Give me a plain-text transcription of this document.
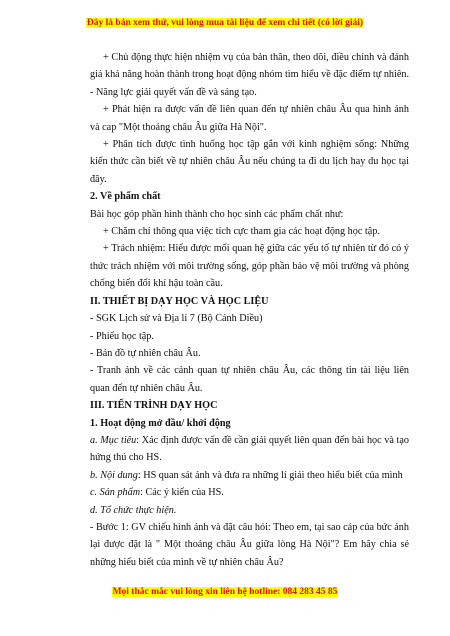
Đây là bản xem thử, vui lòng mua tài liệu để xem chi tiết (có lời giải)

+ Chủ động thực hiện nhiệm vụ của bản thân, theo dõi, điều chỉnh và đánh giá khả năng hoàn thành trong hoạt động nhóm tìm hiểu về đặc điểm tự nhiên.

- Năng lực giải quyết vấn đề và sáng tạo.

+ Phát hiện ra được vấn đề liên quan đến tự nhiên châu Âu qua hình ảnh và cap "Một thoáng châu Âu giữa Hà Nội".

+ Phân tích được tình huống học tập gắn với kinh nghiệm sống: Những kiến thức cần biết về tự nhiên châu Âu nếu chúng ta đi du lịch hay du học tại đây.

2. Về phẩm chất

Bài học góp phần hình thành cho học sinh các phẩm chất như:

+ Chăm chỉ thông qua việc tích cực tham gia các hoạt động học tập.

+ Trách nhiệm: Hiểu được mối quan hệ giữa các yếu tố tự nhiên từ đó có ý thức trách nhiệm với môi trường sống, góp phần bảo vệ môi trường và phòng chống biến đổi khí hậu toàn cầu.

II. THIẾT BỊ DẠY HỌC VÀ HỌC LIỆU

- SGK Lịch sử và Địa lí 7 (Bộ Cánh Diều)

- Phiếu học tập.

- Bản đồ tự nhiên châu Âu.

- Tranh ảnh về các cảnh quan tự nhiên châu Âu, các thông tin tài liệu liên quan đến tự nhiên châu Âu.

III. TIẾN TRÌNH DẠY HỌC

1. Hoạt động mở đầu/ khởi động

a. Mục tiêu: Xác định được vấn đề cần giải quyết liên quan đến bài học và tạo hứng thú cho HS.

b. Nội dung: HS quan sát ảnh và đưa ra những lí giải theo hiểu biết của mình

c. Sản phẩm: Các ý kiến của HS.

d. Tổ chức thực hiện.

- Bước 1: GV chiếu hình ảnh và đặt câu hỏi: Theo em, tại sao cáp của bức ảnh lại được đặt là " Một thoáng châu Âu giữa lòng Hà Nội"? Em hãy chia sẻ những hiểu biết của mình về tự nhiên châu Âu?

Mọi thắc mắc vui lòng xin liên hệ hotline: 084 283 45 85
